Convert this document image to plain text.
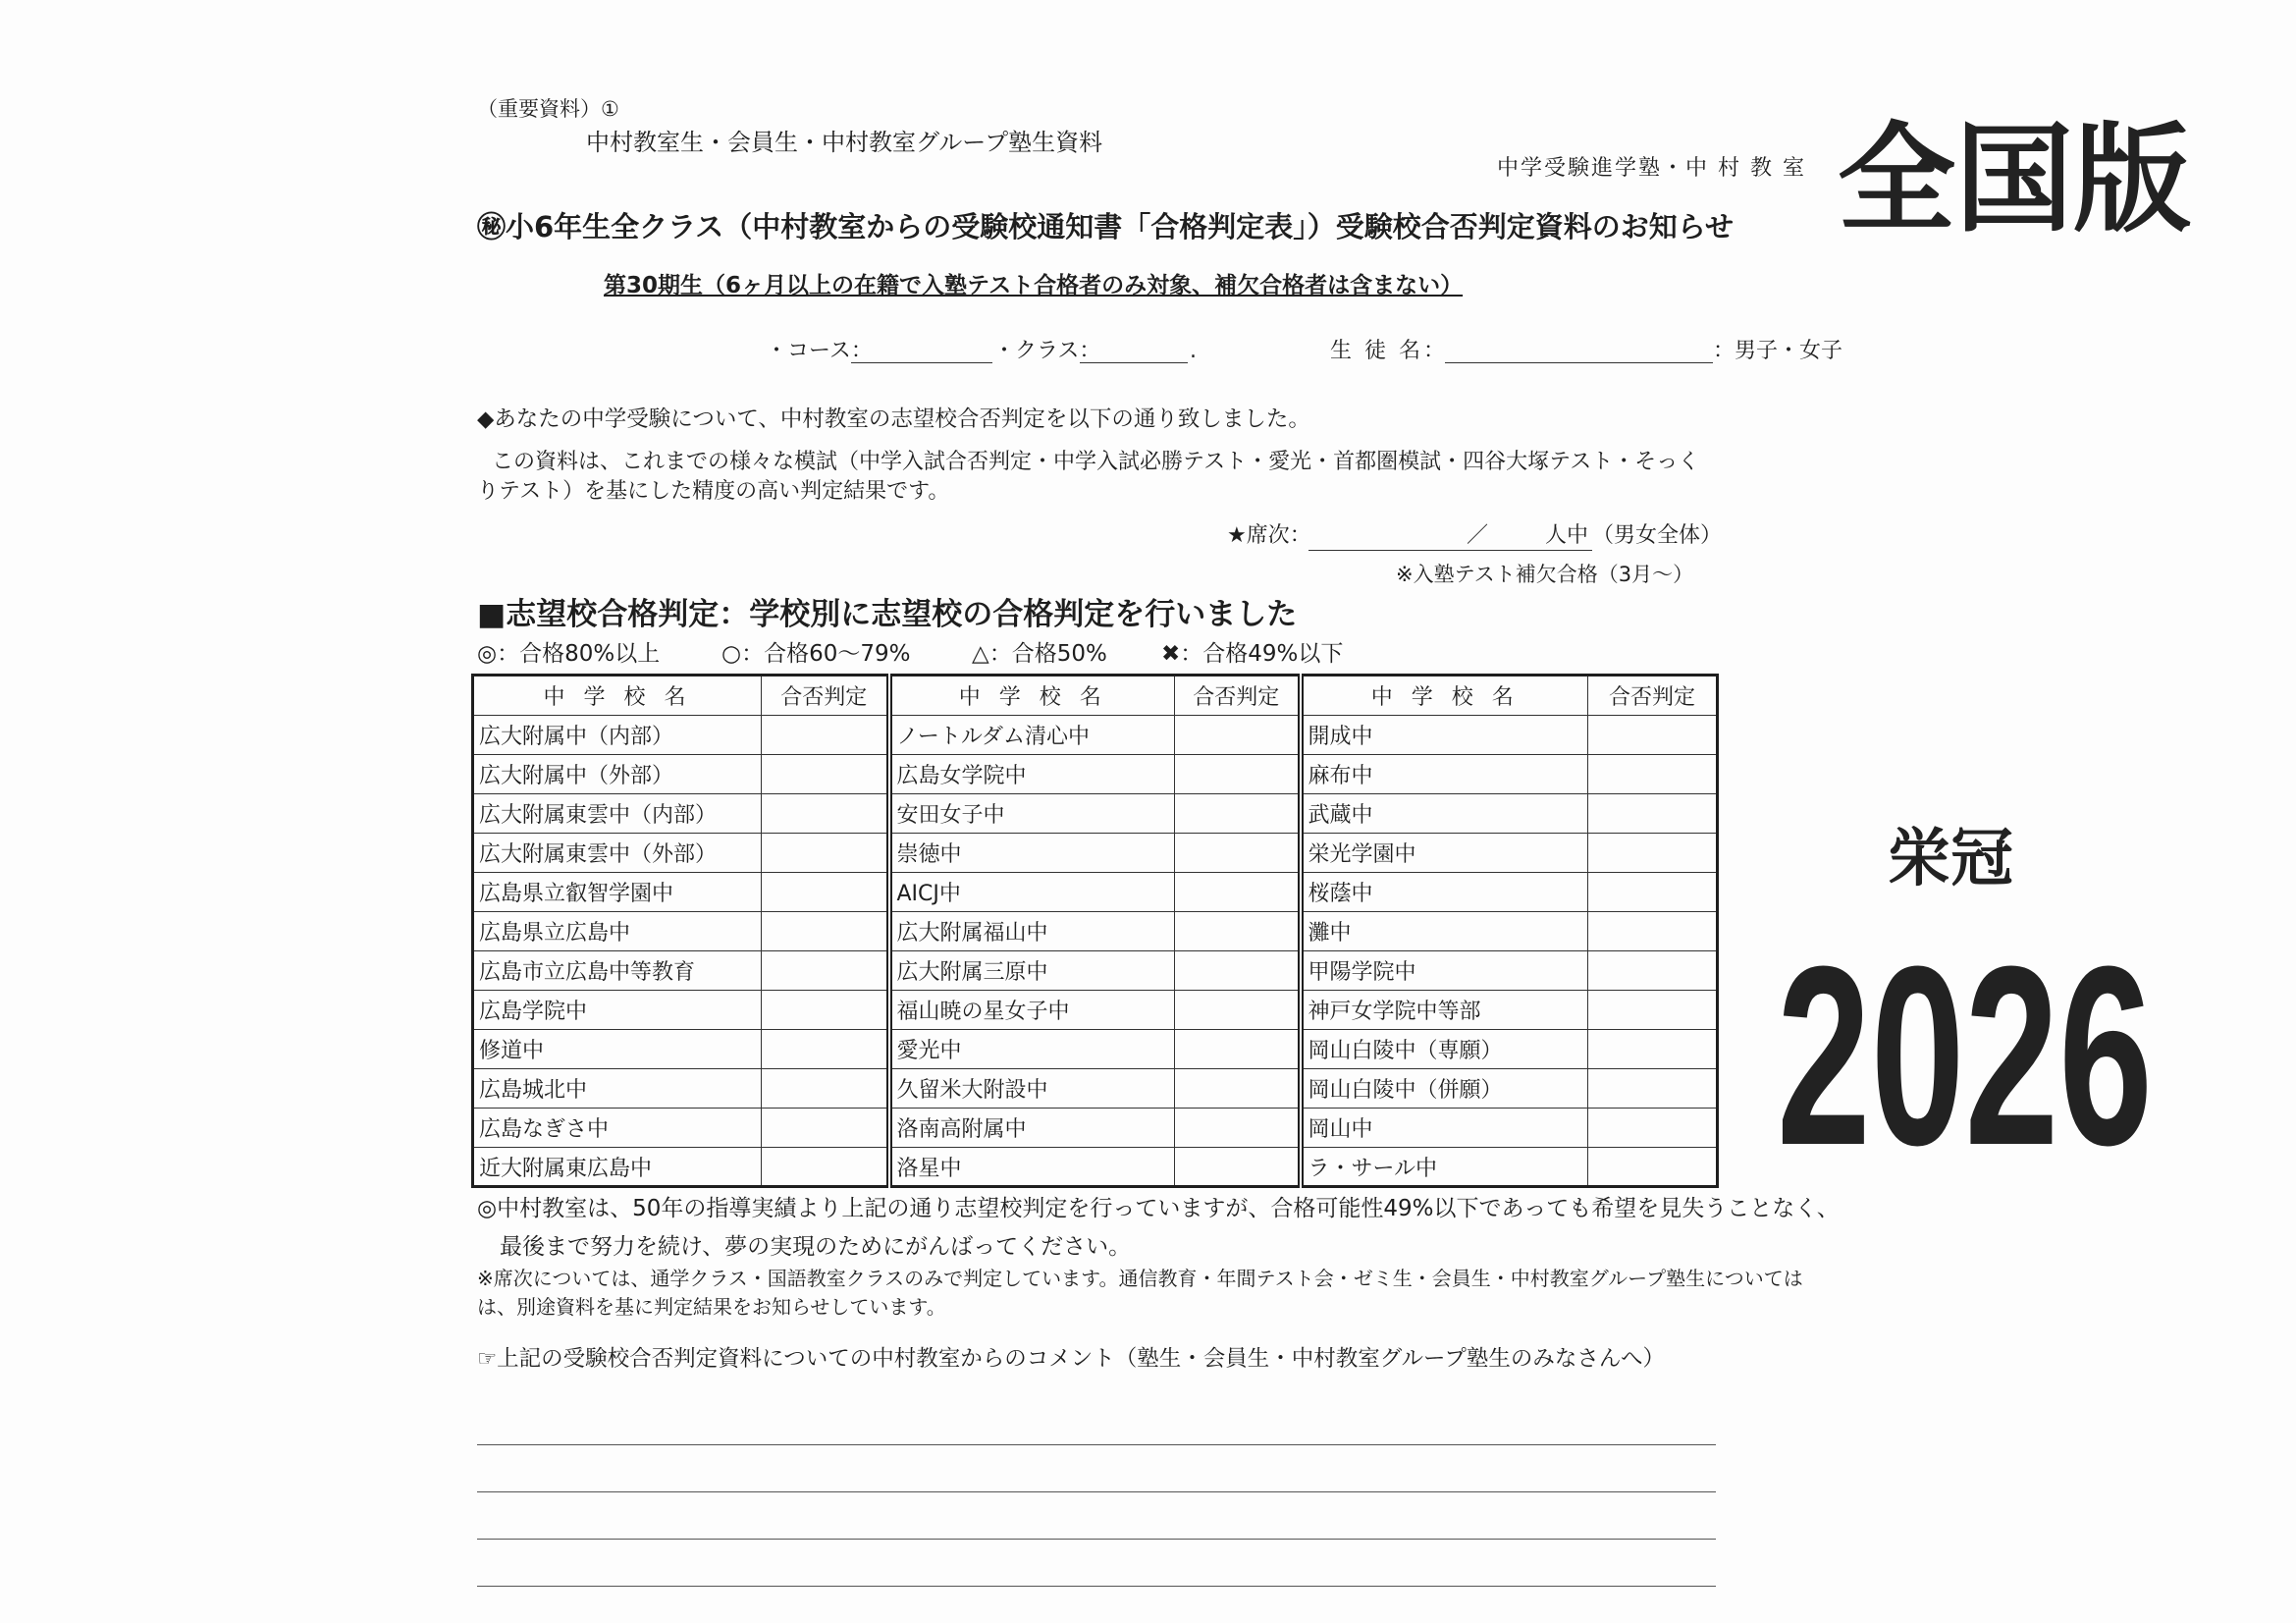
（重要資料）①
中村教室生・会員生・中村教室グループ塾生資料
中学受験進学塾・中 村 教 室 全国版
㊙小6年生全クラス（中村教室からの受験校通知書「合格判定表」）受験校合否判定資料のお知らせ
第30期生（6ヶ月以上の在籍で入塾テスト合格者のみ対象、補欠合格者は含まない）
・コース：	・クラス：	.	生 徒 名：	：男子・女子
◆あなたの中学受験について、中村教室の志望校合否判定を以下の通り致しました。
この資料は、これまでの様々な模試（中学入試合否判定・中学入試必勝テスト・愛光・首都圏模試・四谷大塚テスト・そっく
りテスト）を基にした精度の高い判定結果です。
★席次：	／	人中 （男女全体）
※入塾テスト補欠合格（3月～）
■志望校合格判定：学校別に志望校の合格判定を行いました
◎：合格80%以上	○：合格60～79%	△：合格50% ✖：合格49%以下
中 学 校 名	合否判定	中 学 校 名	合否判定	中 学 校 名	合否判定
広大附属中（内部）		ノートルダム清心中		開成中	
広大附属中（外部）		広島女学院中		麻布中	
広大附属東雲中（内部）		安田女子中		武蔵中	
広大附属東雲中（外部）		崇徳中		栄光学園中	
広島県立叡智学園中		AICJ中		桜蔭中	
広島県立広島中		広大附属福山中		灘中	
広島市立広島中等教育		広大附属三原中		甲陽学院中	
広島学院中		福山暁の星女子中		神戸女学院中等部	
修道中		愛光中		岡山白陵中（専願）	
広島城北中		久留米大附設中		岡山白陵中（併願）	
広島なぎさ中		洛南高附属中		岡山中	
近大附属東広島中		洛星中		ラ・サール中	
◎中村教室は、50年の指導実績より上記の通り志望校判定を行っていますが、合格可能性49%以下であっても希望を見失うことなく、
最後まで努力を続け、夢の実現のためにがんばってください。
※席次については、通学クラス・国語教室クラスのみで判定しています。通信教育・年間テスト会・ゼミ生・会員生・中村教室グループ塾生については
は、別途資料を基に判定結果をお知らせしています。
☞上記の受験校合否判定資料についての中村教室からのコメント（塾生・会員生・中村教室グループ塾生のみなさんへ）
栄冠
2026
